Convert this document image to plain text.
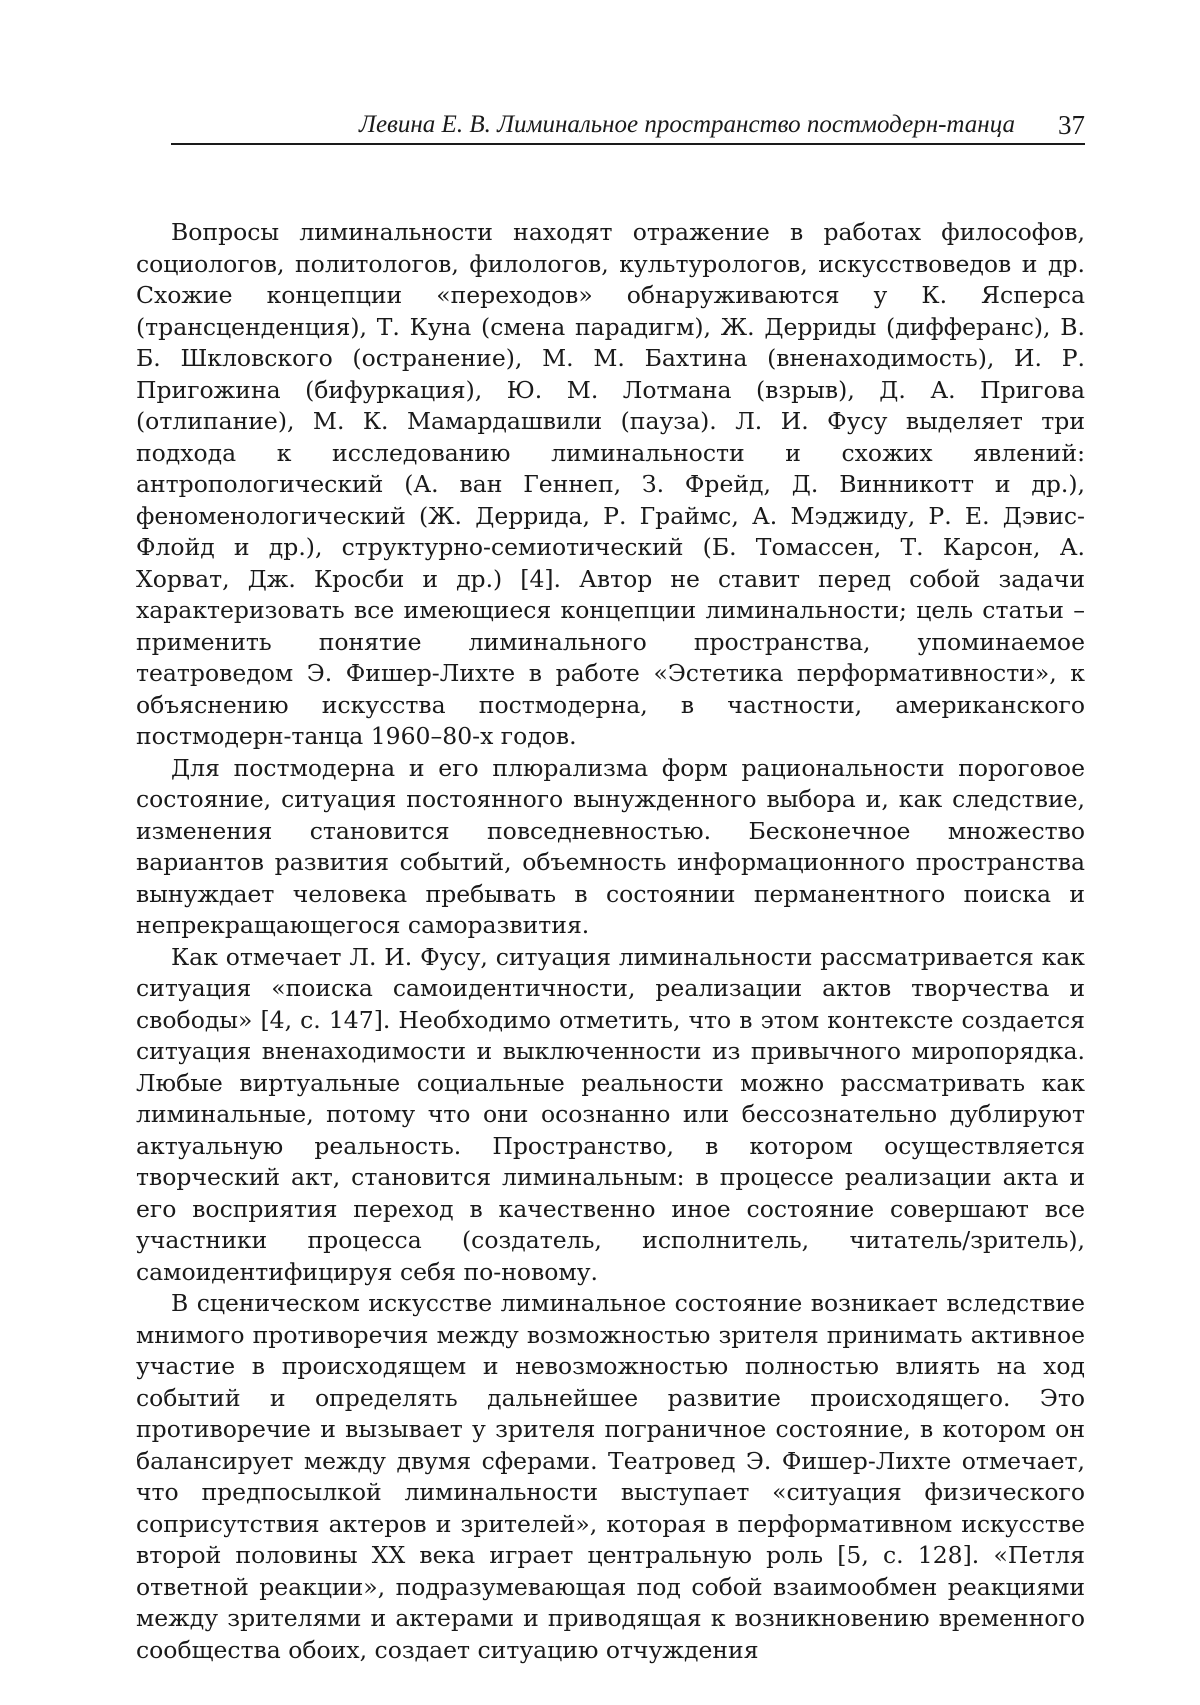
Левина Е. В. Лиминальное пространство постмодерн-танца 37

Вопросы лиминальности находят отражение в работах философов, социологов, политологов, филологов, культурологов, искусствоведов и др. Схожие концепции «переходов» обнаруживаются у К. Ясперса (трансценденция), Т. Куна (смена парадигм), Ж. Дерриды (дифферанс), В. Б. Шкловского (остранение), М. М. Бахтина (вненаходимость), И. Р. Пригожина (бифуркация), Ю. М. Лотмана (взрыв), Д. А. Пригова (отлипание), М. К. Мамардашвили (пауза). Л. И. Фусу выделяет три подхода к исследованию лиминальности и схожих явлений: антропологический (А. ван Геннеп, З. Фрейд, Д. Винникотт и др.), феноменологический (Ж. Деррида, Р. Граймс, А. Мэджиду, Р. Е. Дэвис-Флойд и др.), структурно-семиотический (Б. Томассен, Т. Карсон, А. Хорват, Дж. Кросби и др.) [4]. Автор не ставит перед собой задачи характеризовать все имеющиеся концепции лиминальности; цель статьи – применить понятие лиминального пространства, упоминаемое театроведом Э. Фишер-Лихте в работе «Эстетика перформативности», к объяснению искусства постмодерна, в частности, американского постмодерн-танца 1960–80-х годов.

Для постмодерна и его плюрализма форм рациональности пороговое состояние, ситуация постоянного вынужденного выбора и, как следствие, изменения становится повседневностью. Бесконечное множество вариантов развития событий, объемность информационного пространства вынуждает человека пребывать в состоянии перманентного поиска и непрекращающегося саморазвития.

Как отмечает Л. И. Фусу, ситуация лиминальности рассматривается как ситуация «поиска самоидентичности, реализации актов творчества и свободы» [4, с. 147]. Необходимо отметить, что в этом контексте создается ситуация вненаходимости и выключенности из привычного миропорядка. Любые виртуальные социальные реальности можно рассматривать как лиминальные, потому что они осознанно или бессознательно дублируют актуальную реальность. Пространство, в котором осуществляется творческий акт, становится лиминальным: в процессе реализации акта и его восприятия переход в качественно иное состояние совершают все участники процесса (создатель, исполнитель, читатель/зритель), самоидентифицируя себя по-новому.

В сценическом искусстве лиминальное состояние возникает вследствие мнимого противоречия между возможностью зрителя принимать активное участие в происходящем и невозможностью полностью влиять на ход событий и определять дальнейшее развитие происходящего. Это противоречие и вызывает у зрителя пограничное состояние, в котором он балансирует между двумя сферами. Театровед Э. Фишер-Лихте отмечает, что предпосылкой лиминальности выступает «ситуация физического соприсутствия актеров и зрителей», которая в перформативном искусстве второй половины XX века играет центральную роль [5, с. 128]. «Петля ответной реакции», подразумевающая под собой взаимообмен реакциями между зрителями и актерами и приводящая к возникновению временного сообщества обоих, создает ситуацию отчуждения
